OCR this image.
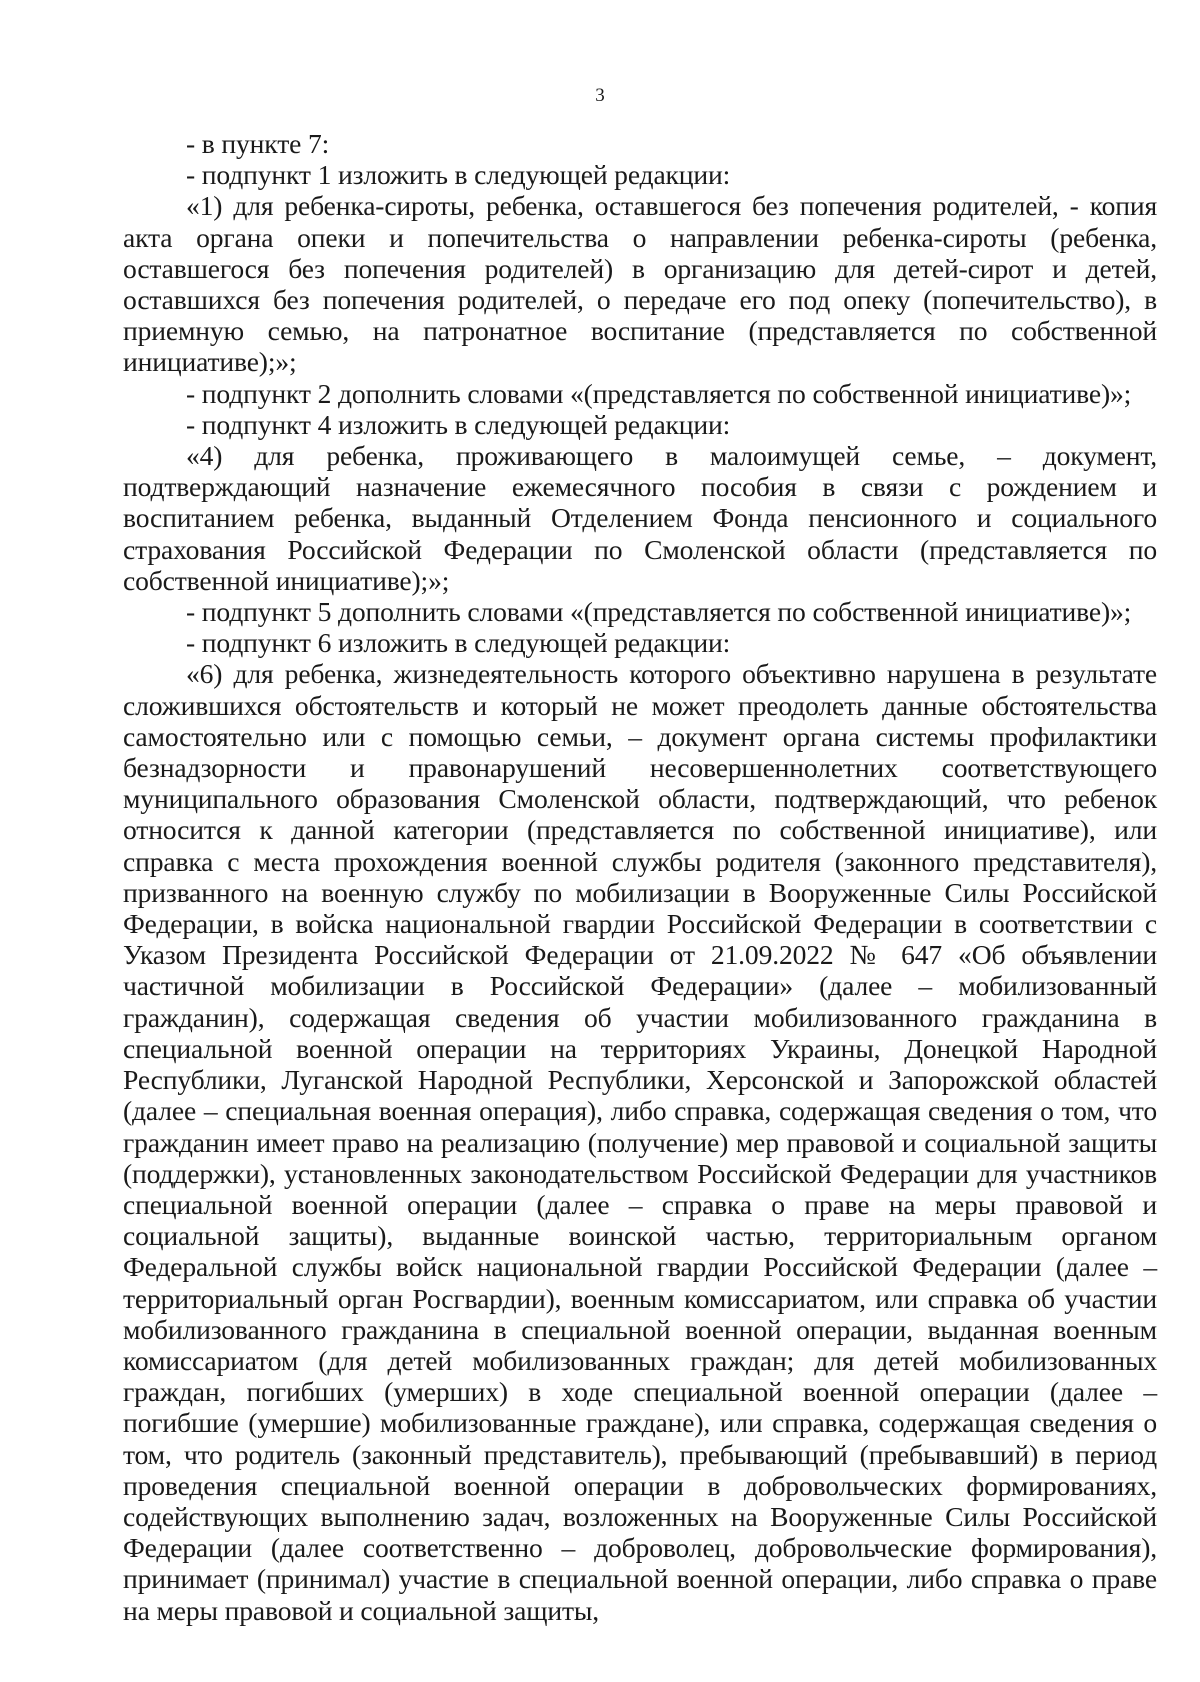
3

- в пункте 7:

- подпункт 1 изложить в следующей редакции:

«1) для ребенка-сироты, ребенка, оставшегося без попечения родителей, - копия акта органа опеки и попечительства о направлении ребенка-сироты (ребенка, оставшегося без попечения родителей) в организацию для детей-сирот и детей, оставшихся без попечения родителей, о передаче его под опеку (попечительство), в приемную семью, на патронатное воспитание (представляется по собственной инициативе);»;

- подпункт 2 дополнить словами «(представляется по собственной инициативе)»;

- подпункт 4 изложить в следующей редакции:

«4) для ребенка, проживающего в малоимущей семье, – документ, подтверждающий назначение ежемесячного пособия в связи с рождением и воспитанием ребенка, выданный Отделением Фонда пенсионного и социального страхования Российской Федерации по Смоленской области (представляется по собственной инициативе);»;

- подпункт 5 дополнить словами «(представляется по собственной инициативе)»;

- подпункт 6 изложить в следующей редакции:

«6) для ребенка, жизнедеятельность которого объективно нарушена в результате сложившихся обстоятельств и который не может преодолеть данные обстоятельства самостоятельно или с помощью семьи, – документ органа системы профилактики безнадзорности и правонарушений несовершеннолетних соответствующего муниципального образования Смоленской области, подтверждающий, что ребенок относится к данной категории (представляется по собственной инициативе), или справка с места прохождения военной службы родителя (законного представителя), призванного на военную службу по мобилизации в Вооруженные Силы Российской Федерации, в войска национальной гвардии Российской Федерации в соответствии с Указом Президента Российской Федерации от 21.09.2022 № 647 «Об объявлении частичной мобилизации в Российской Федерации» (далее – мобилизованный гражданин), содержащая сведения об участии мобилизованного гражданина в специальной военной операции на территориях Украины, Донецкой Народной Республики, Луганской Народной Республики, Херсонской и Запорожской областей (далее – специальная военная операция), либо справка, содержащая сведения о том, что гражданин имеет право на реализацию (получение) мер правовой и социальной защиты (поддержки), установленных законодательством Российской Федерации для участников специальной военной операции (далее – справка о праве на меры правовой и социальной защиты), выданные воинской частью, территориальным органом Федеральной службы войск национальной гвардии Российской Федерации (далее – территориальный орган Росгвардии), военным комиссариатом, или справка об участии мобилизованного гражданина в специальной военной операции, выданная военным комиссариатом (для детей мобилизованных граждан; для детей мобилизованных граждан, погибших (умерших) в ходе специальной военной операции (далее – погибшие (умершие) мобилизованные граждане), или справка, содержащая сведения о том, что родитель (законный представитель), пребывающий (пребывавший) в период проведения специальной военной операции в добровольческих формированиях, содействующих выполнению задач, возложенных на Вооруженные Силы Российской Федерации (далее соответственно – доброволец, добровольческие формирования), принимает (принимал) участие в специальной военной операции, либо справка о праве на меры правовой и социальной защиты,
